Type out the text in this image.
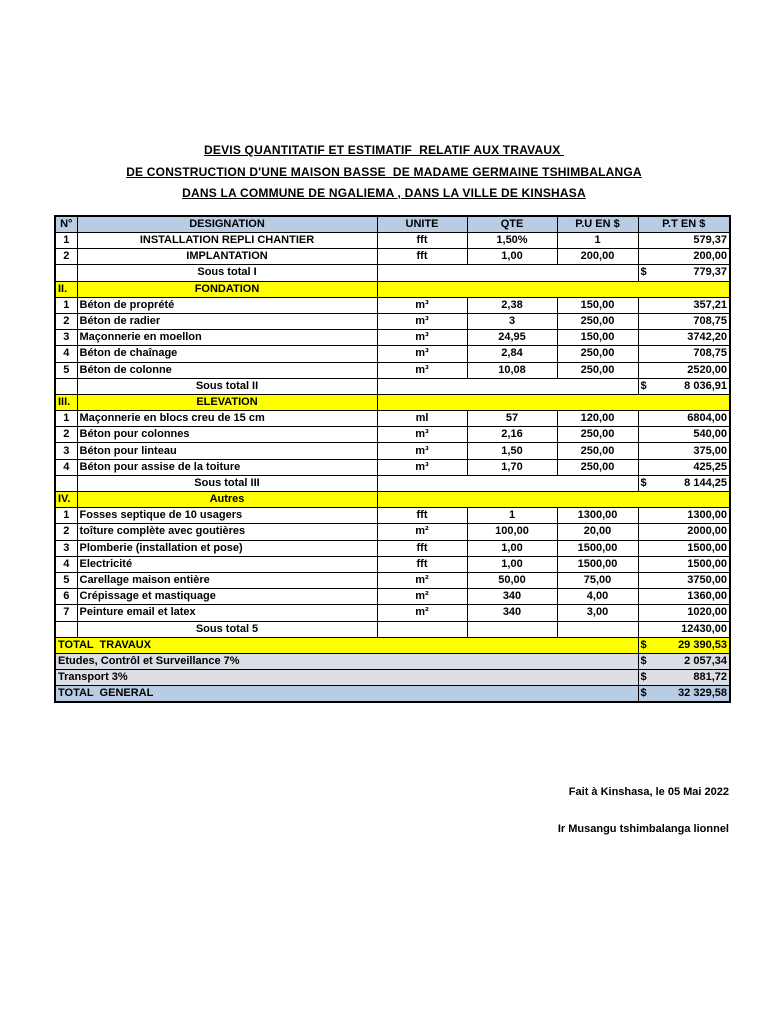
DEVIS QUANTITATIF ET ESTIMATIF  RELATIF AUX TRAVAUX
DE CONSTRUCTION D'UNE MAISON BASSE  DE MADAME GERMAINE TSHIMBALANGA
DANS LA COMMUNE DE NGALIEMA , DANS LA VILLE DE KINSHASA
N°	DESIGNATION	UNITE	QTE	P.U EN $	P.T EN $
1	INSTALLATION REPLI CHANTIER	fft	1,50%	1	579,37
2	IMPLANTATION	fft	1,00	200,00	200,00
	Sous total I				$ 779,37

II.	FONDATION				
1	Béton de proprété	m³	2,38	150,00	357,21
2	Béton de radier	m³	3	250,00	708,75
3	Maçonnerie en moellon	m³	24,95	150,00	3742,20
4	Béton de chaînage	m³	2,84	250,00	708,75
5	Béton de colonne	m³	10,08	250,00	2520,00
	Sous total II				$ 8 036,91

III.	ELEVATION				
1	Maçonnerie en blocs creu de 15 cm	ml	57	120,00	6804,00
2	Béton pour colonnes	m³	2,16	250,00	540,00
3	Béton pour linteau	m³	1,50	250,00	375,00
4	Béton pour assise de la toiture	m³	1,70	250,00	425,25
	Sous total III				$ 8 144,25

IV.	Autres				
1	Fosses septique de 10 usagers	fft	1	1300,00	1300,00
2	toîture complète avec goutières	m²	100,00	20,00	2000,00
3	Plomberie (installation et pose)	fft	1,00	1500,00	1500,00
4	Electricité	fft	1,00	1500,00	1500,00
5	Carellage maison entière	m²	50,00	75,00	3750,00
6	Crépissage et mastiquage	m²	340	4,00	1360,00
7	Peinture email et latex	m²	340	3,00	1020,00
	Sous total 5				12430,00
TOTAL  TRAVAUX					$ 29 390,53

Etudes, Contrôl et Surveillance 7%					$ 2 057,34

Transport 3%					$ 881,72

TOTAL  GENERAL					$ 32 329,58
Fait à Kinshasa, le 05 Mai 2022
Ir Musangu tshimbalanga lionnel
